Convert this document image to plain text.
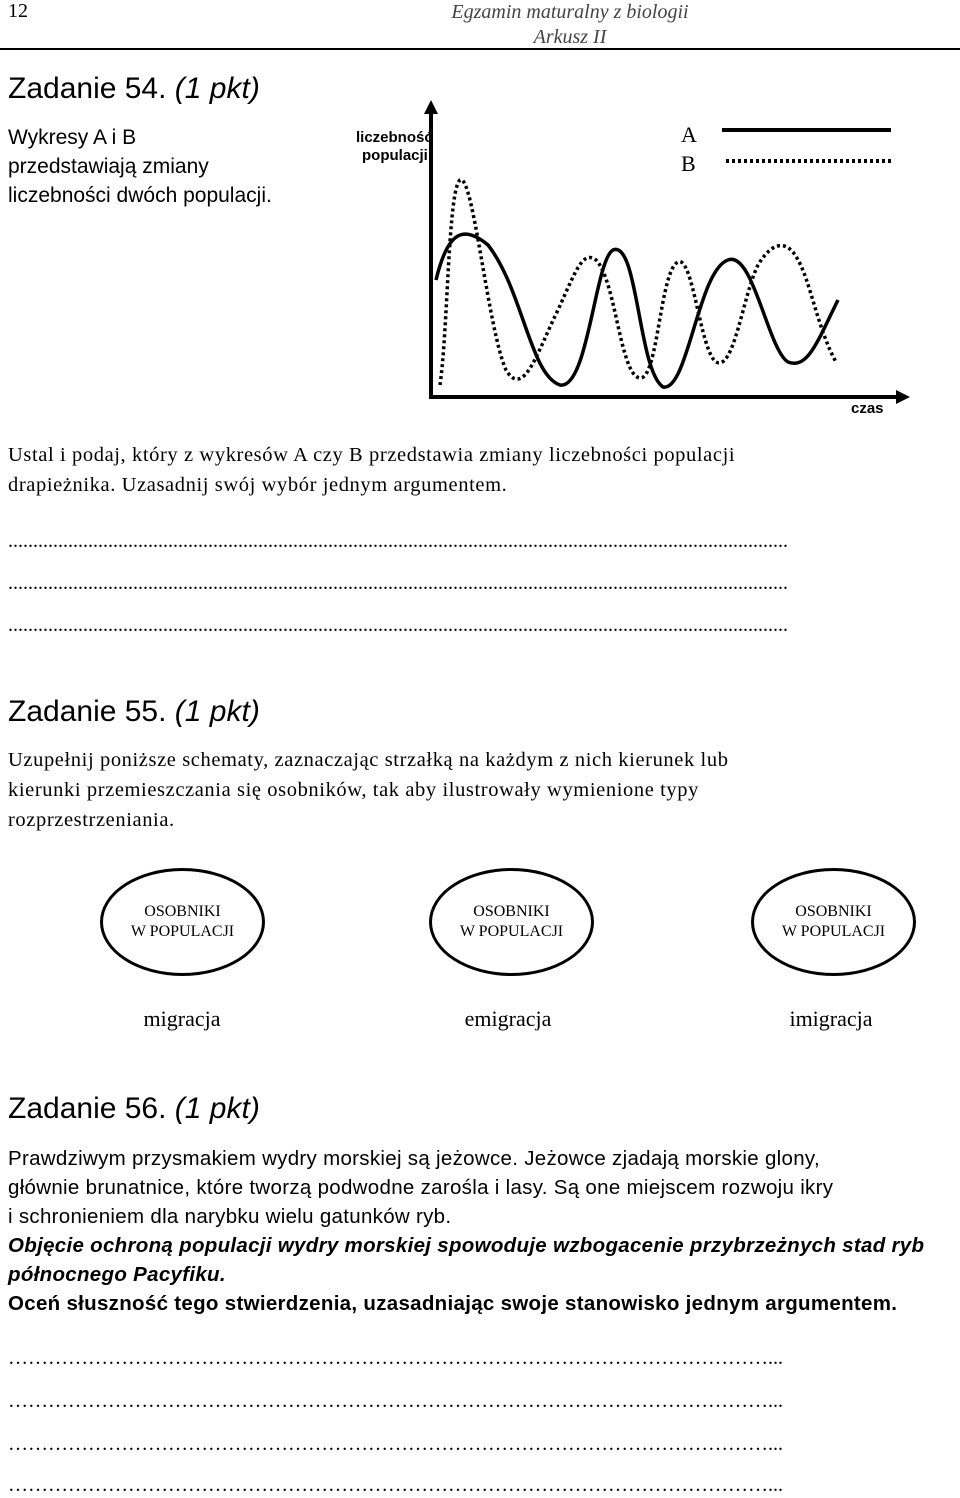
12	Egzamin maturalny z biologii
Arkusz II
Zadanie 54. (1 pkt)
Wykresy A i B
przedstawiają zmiany
liczebności dwóch populacji.
liczebność
populacji
czas
A
B
Ustal i podaj, który z wykresów A czy B przedstawia zmiany liczebności populacji
drapieżnika. Uzasadnij swój wybór jednym argumentem.
............................................................................................................................................................
............................................................................................................................................................
............................................................................................................................................................
Zadanie 55. (1 pkt)
Uzupełnij poniższe schematy, zaznaczając strzałką na każdym z nich kierunek lub
kierunki przemieszczania się osobników, tak aby ilustrowały wymienione typy
rozprzestrzeniania.
OSOBNIKI
W POPULACJI
OSOBNIKI
W POPULACJI
OSOBNIKI
W POPULACJI
migracja	emigracja	imigracja
Zadanie 56. (1 pkt)
Prawdziwym przysmakiem wydry morskiej są jeżowce. Jeżowce zjadają morskie glony,
głównie brunatnice, które tworzą podwodne zarośla i lasy. Są one miejscem rozwoju ikry
i schronieniem dla narybku wielu gatunków ryb.
Objęcie ochroną populacji wydry morskiej spowoduje wzbogacenie przybrzeżnych stad ryb
północnego Pacyfiku.
Oceń słuszność tego stwierdzenia, uzasadniając swoje stanowisko jednym argumentem.
……………………………………………………………………………………………………...
……………………………………………………………………………………………………...
……………………………………………………………………………………………………...
……………………………………………………………………………………………………...
